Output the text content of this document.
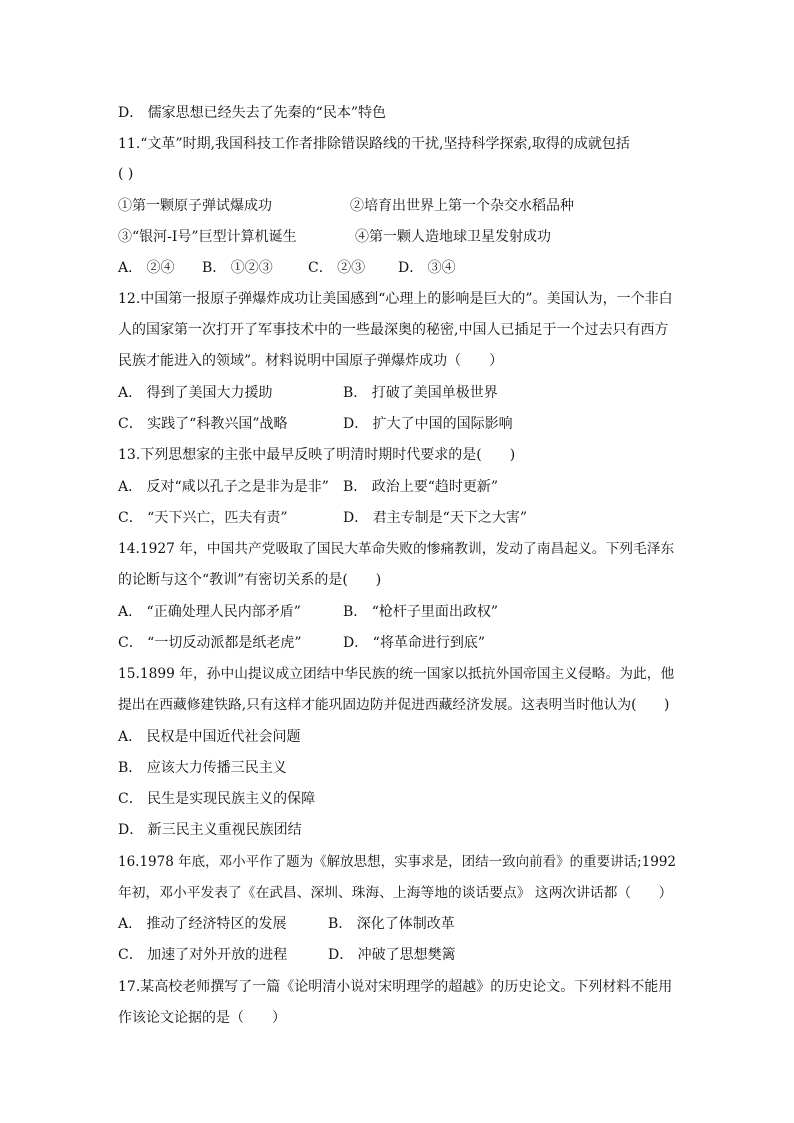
D． 儒家思想已经失去了先秦的“民本”特色
11.“文革”时期,我国科技工作者排除错误路线的干扰,坚持科学探索,取得的成就包括
( )
①第一颗原子弹试爆成功	②培育出世界上第一个杂交水稻品种
③“银河-I号”巨型计算机诞生	④第一颗人造地球卫星发射成功
A． ②④ B． ①②③	C． ②③ D． ③④
12.中国第一报原子弹爆炸成功让美国感到“心理上的影响是巨大的”。美国认为，一个非白
人的国家第一次打开了军事技术中的一些最深奥的秘密,中国人已插足于一个过去只有西方
民族才能进入的领域”。材料说明中国原子弹爆炸成功（　　）
A． 得到了美国大力援助	B． 打破了美国单极世界
C． 实践了“科教兴国”战略	D． 扩大了中国的国际影响
13.下列思想家的主张中最早反映了明清时期时代要求的是(　　)
A． 反对“咸以孔子之是非为是非” B． 政治上要“趋时更新”
C． “天下兴亡，匹夫有责”	D． 君主专制是“天下之大害”
14.1927 年，中国共产党吸取了国民大革命失败的惨痛教训，发动了南昌起义。下列毛泽东
的论断与这个“教训”有密切关系的是(　　)
A． “正确处理人民内部矛盾”	B． “枪杆子里面出政权”
C． “一切反动派都是纸老虎”	D． “将革命进行到底”
15.1899 年，孙中山提议成立团结中华民族的统一国家以抵抗外国帝国主义侵略。为此，他
提出在西藏修建铁路,只有这样才能巩固边防并促进西藏经济发展。这表明当时他认为(　　)
A． 民权是中国近代社会问题
B． 应该大力传播三民主义
C． 民生是实现民族主义的保障
D． 新三民主义重视民族团结
16.1978 年底，邓小平作了题为《解放思想，实事求是，团结一致向前看》的重要讲话;1992
年初，邓小平发表了《在武昌、深圳、珠海、上海等地的谈话要点》 这两次讲话都（　　）
A． 推动了经济特区的发展	B． 深化了体制改革
C． 加速了对外开放的进程	D． 冲破了思想樊篱
17.某高校老师撰写了一篇《论明清小说对宋明理学的超越》的历史论文。下列材料不能用
作该论文论据的是（　　）
